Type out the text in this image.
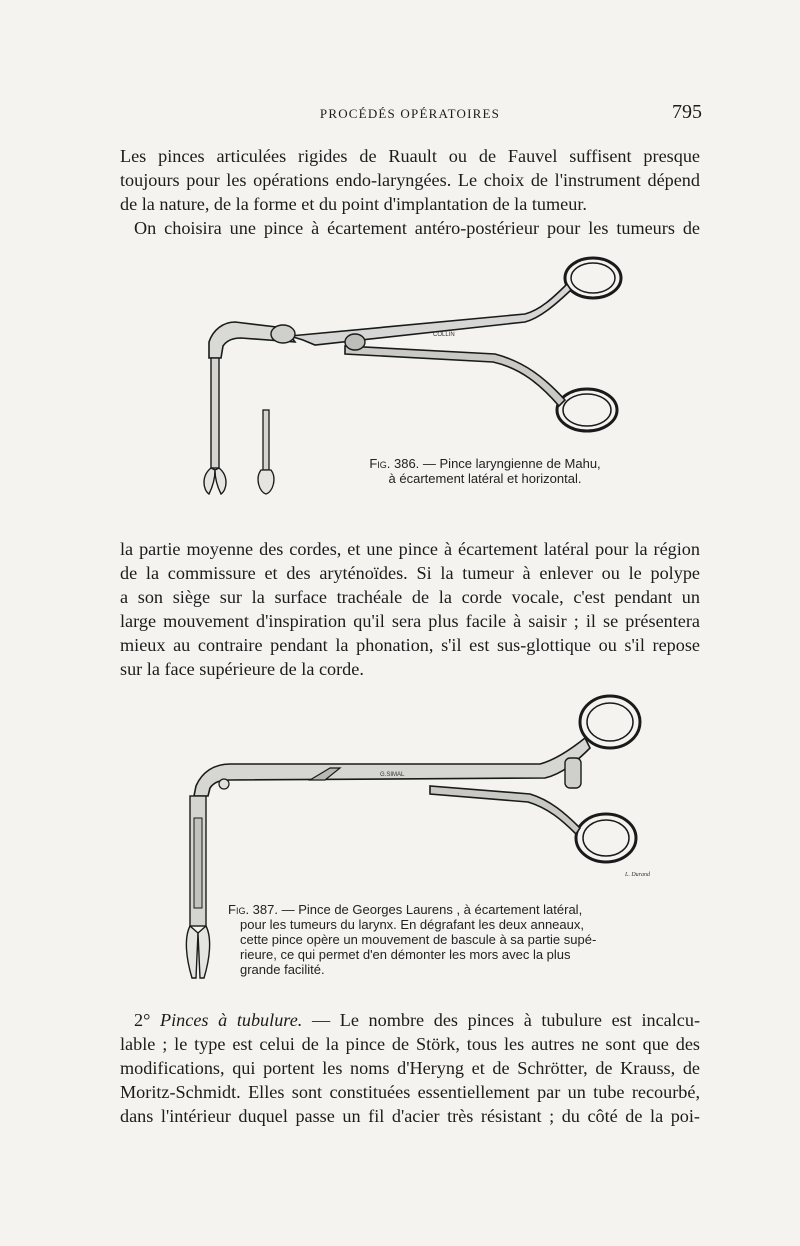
PROCÉDÉS OPÉRATOIRES	795

Les pinces articulées rigides de Ruault ou de Fauvel suffisent presque
toujours pour les opérations endo-laryngées. Le choix de l'instrument dépend
de la nature, de la forme et du point d'implantation de la tumeur.
On choisira une pince à écartement antéro-postérieur pour les tumeurs de

COLLIN
Fig. 386. — Pince laryngienne de Mahu,
à écartement latéral et horizontal.

la partie moyenne des cordes, et une pince à écartement latéral pour la région
de la commissure et des aryténoïdes. Si la tumeur à enlever ou le polype
a son siège sur la surface trachéale de la corde vocale, c'est pendant un
large mouvement d'inspiration qu'il sera plus facile à saisir ; il se présentera
mieux au contraire pendant la phonation, s'il est sus-glottique ou s'il repose
sur la face supérieure de la corde.

G.SIMAL
L. Durand
Fig. 387. — Pince de Georges Laurens , à écartement latéral,
pour les tumeurs du larynx. En dégrafant les deux anneaux,
cette pince opère un mouvement de bascule à sa partie supé-
rieure, ce qui permet d'en démonter les mors avec la plus
grande facilité.

2° Pinces à tubulure. — Le nombre des pinces à tubulure est incalcu-
lable ; le type est celui de la pince de Störk, tous les autres ne sont que des
modifications, qui portent les noms d'Heryng et de Schrötter, de Krauss, de
Moritz-Schmidt. Elles sont constituées essentiellement par un tube recourbé,
dans l'intérieur duquel passe un fil d'acier très résistant ; du côté de la poi-
